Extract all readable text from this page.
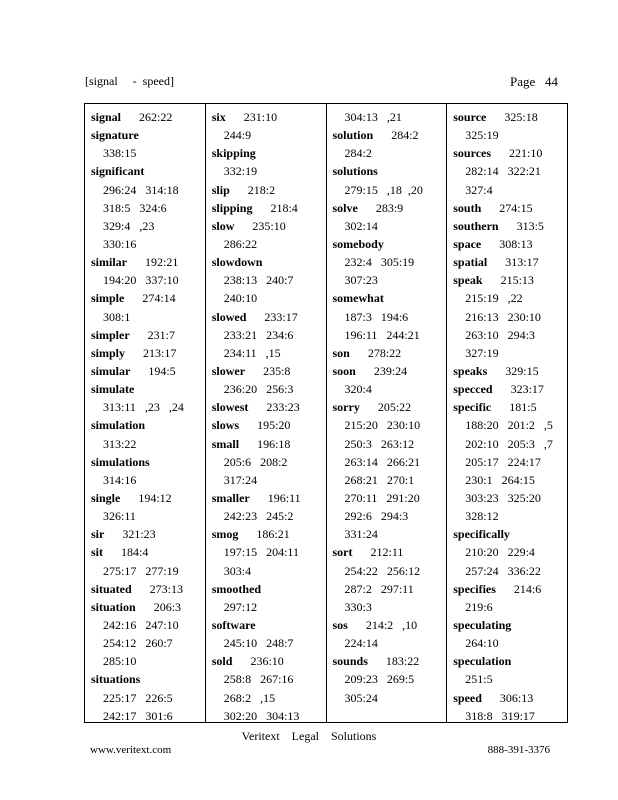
[signal     -  speed]	Page   44
signal      262:22
signature
338:15
significant
296:24   314:18
318:5   324:6
329:4   ,23
330:16
similar      192:21
194:20   337:10
simple      274:14
308:1
simpler      231:7
simply      213:17
simular      194:5
simulate
313:11   ,23   ,24
simulation
313:22
simulations
314:16
single      194:12
326:11
sir      321:23
sit      184:4
275:17   277:19
situated      273:13
situation      206:3
242:16   247:10
254:12   260:7
285:10
situations
225:17   226:5
242:17   301:6
six      231:10
244:9
skipping
332:19
slip      218:2
slipping      218:4
slow      235:10
286:22
slowdown
238:13   240:7
240:10
slowed      233:17
233:21   234:6
234:11   ,15
slower      235:8
236:20   256:3
slowest      233:23
slows      195:20
small      196:18
205:6   208:2
317:24
smaller      196:11
242:23   245:2
smog      186:21
197:15   204:11
303:4
smoothed
297:12
software
245:10   248:7
sold      236:10
258:8   267:16
268:2   ,15
302:20   304:13
304:13   ,21
solution      284:2
284:2
solutions
279:15   ,18  ,20
solve      283:9
302:14
somebody
232:4   305:19
307:23
somewhat
187:3   194:6
196:11   244:21
son      278:22
soon      239:24
320:4
sorry      205:22
215:20   230:10
250:3   263:12
263:14   266:21
268:21   270:1
270:11   291:20
292:6   294:3
331:24
sort      212:11
254:22   256:12
287:2   297:11
330:3
sos      214:2   ,10
224:14
sounds      183:22
209:23   269:5
305:24
source      325:18
325:19
sources      221:10
282:14   322:21
327:4
south      274:15
southern      313:5
space      308:13
spatial      313:17
speak      215:13
215:19   ,22
216:13   230:10
263:10   294:3
327:19
speaks      329:15
specced      323:17
specific      181:5
188:20   201:2   ,5
202:10   205:3   ,7
205:17   224:17
230:1   264:15
303:23   325:20
328:12
specifically
210:20   229:4
257:24   336:22
specifies      214:6
219:6
speculating
264:10
speculation
251:5
speed      306:13
318:8   319:17
Veritext    Legal    Solutions
www.veritext.com	888-391-3376
